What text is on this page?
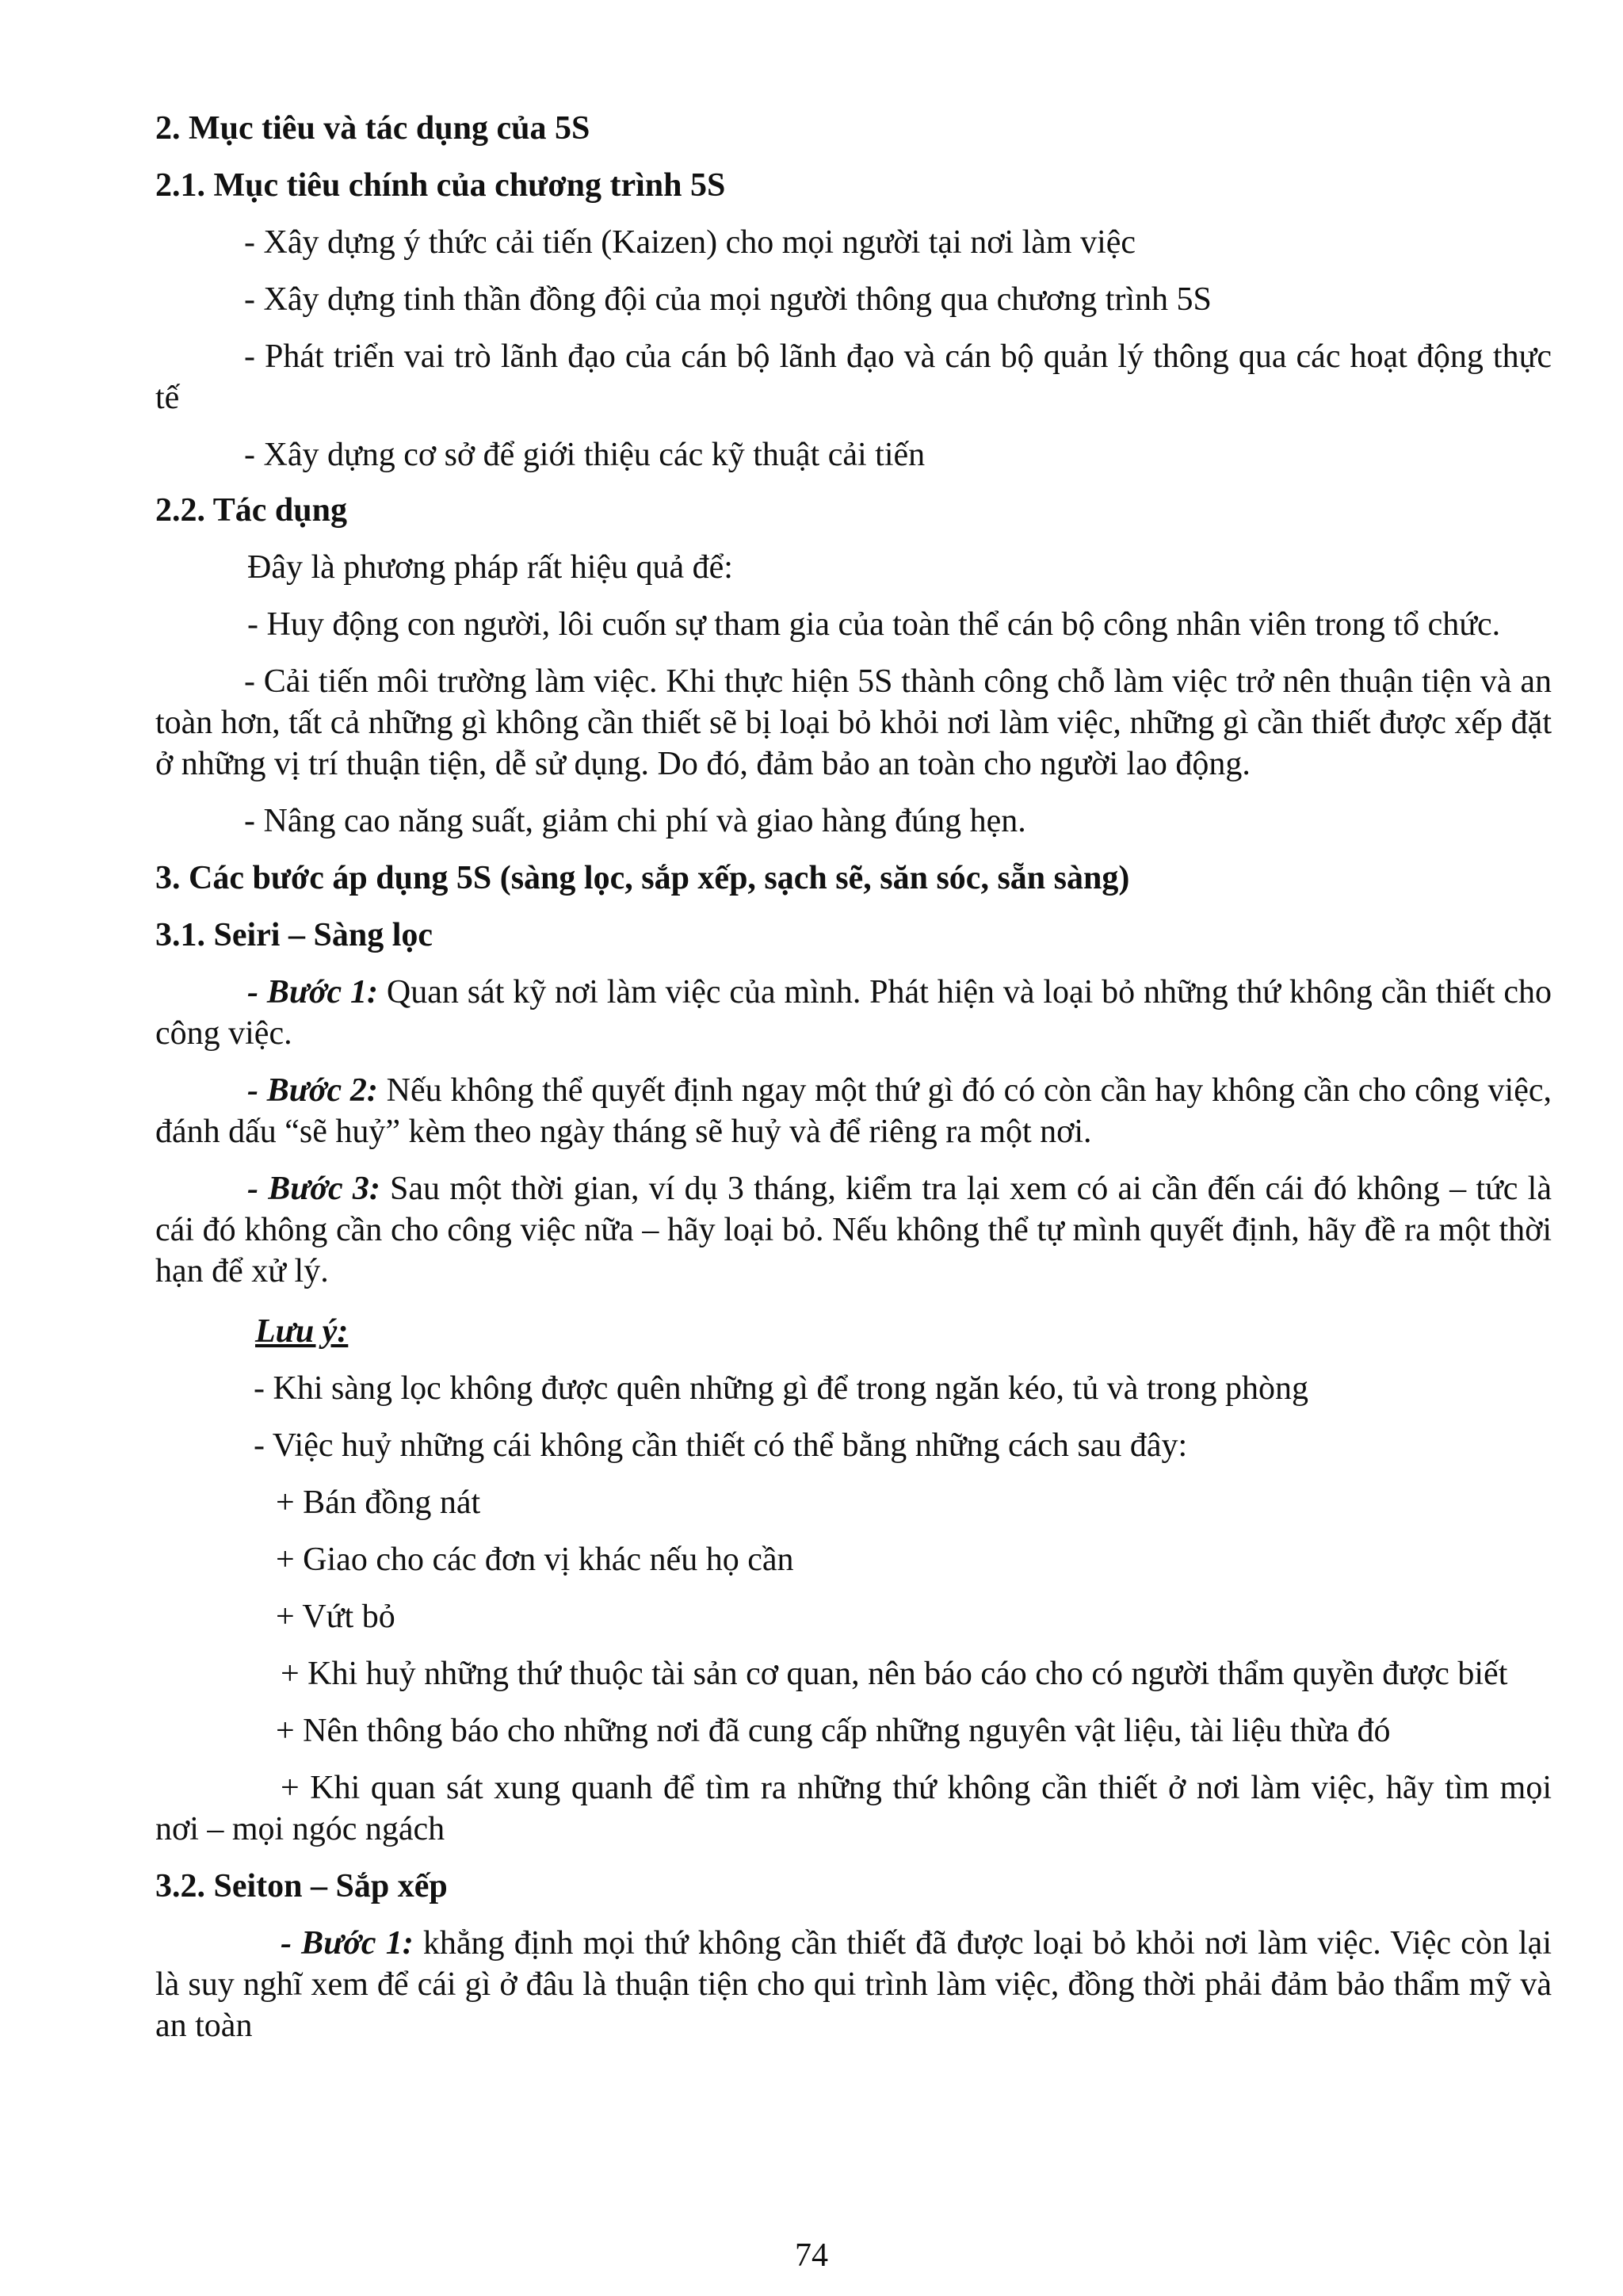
2. Mục tiêu và tác dụng của 5S

2.1. Mục tiêu chính của chương trình 5S

- Xây dựng ý thức cải tiến (Kaizen) cho mọi người tại nơi làm việc

- Xây dựng tinh thần đồng đội của mọi người thông qua chương trình 5S

- Phát triển vai trò lãnh đạo của cán bộ lãnh đạo và cán bộ quản lý thông qua các hoạt động thực tế

- Xây dựng cơ sở để giới thiệu các kỹ thuật cải tiến

2.2. Tác dụng

Đây là phương pháp rất hiệu quả để:

- Huy động con người, lôi cuốn sự tham gia của toàn thể cán bộ công nhân viên trong tổ chức.

- Cải tiến môi trường làm việc. Khi thực hiện 5S thành công chỗ làm việc trở nên thuận tiện và an toàn hơn, tất cả những gì không cần thiết sẽ bị loại bỏ khỏi nơi làm việc, những gì cần thiết được xếp đặt ở những vị trí thuận tiện, dễ sử dụng. Do đó, đảm bảo an toàn cho người lao động.

- Nâng cao năng suất, giảm chi phí và giao hàng đúng hẹn.

3. Các bước áp dụng 5S (sàng lọc, sắp xếp, sạch sẽ, săn sóc, sẵn sàng)

3.1. Seiri – Sàng lọc

- Bước 1: Quan sát kỹ nơi làm việc của mình. Phát hiện và loại bỏ những thứ không cần thiết cho công việc.

- Bước 2: Nếu không thể quyết định ngay một thứ gì đó có còn cần hay không cần cho công việc, đánh dấu “sẽ huỷ” kèm theo ngày tháng sẽ huỷ và để riêng ra một nơi.

- Bước 3: Sau một thời gian, ví dụ 3 tháng, kiểm tra lại xem có ai cần đến cái đó không – tức là cái đó không cần cho công việc nữa – hãy loại bỏ. Nếu không thể tự mình quyết định, hãy đề ra một thời hạn để xử lý.

Lưu ý:

- Khi sàng lọc không được quên những gì để trong ngăn kéo, tủ và trong phòng

- Việc huỷ những cái không cần thiết có thể bằng những cách sau đây:

+ Bán đồng nát

+ Giao cho các đơn vị khác nếu họ cần

+ Vứt bỏ

+ Khi huỷ những thứ thuộc tài sản cơ quan, nên báo cáo cho có người thẩm quyền được biết

+ Nên thông báo cho những nơi đã cung cấp những nguyên vật liệu, tài liệu thừa đó

+ Khi quan sát xung quanh để tìm ra những thứ không cần thiết ở nơi làm việc, hãy tìm mọi nơi – mọi ngóc ngách

3.2. Seiton – Sắp xếp

- Bước 1: khẳng định mọi thứ không cần thiết đã được loại bỏ khỏi nơi làm việc. Việc còn lại là suy nghĩ xem để cái gì ở đâu là thuận tiện cho qui trình làm việc, đồng thời phải đảm bảo thẩm mỹ và an toàn

74
